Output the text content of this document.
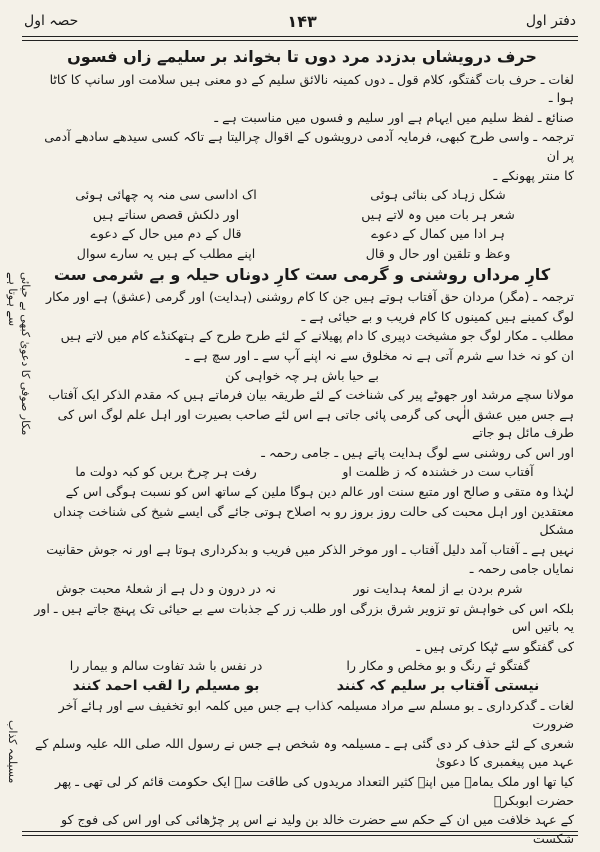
دفتر اول
۱۴۳
حصہ اول
حرف درویشاں بدزدد مرد دوں تا بخواند بر سلیمے زاں فسوں

لغات ـ حرف بات گفتگو، کلام قول ـ دوں کمینہ نالائق سلیم کے دو معنی ہیں سلامت اور سانپ کا کاٹا ہوا ـ

صنائع ـ لفظ سلیم میں ایہام ہے اور سلیم و فسوں میں مناسبت ہے ـ

ترجمہ ـ واسی طرح کبھی، فرمایہ آدمی درویشوں کے اقوال چرالیتا ہے تاکہ کسی سیدھے سادھے آدمی پر ان

کا منتر پھونکے ـ

شکل زہاد کی بنائی ہوئی
اک اداسی سی منہ پہ چھائی ہوئی
شعر ہر بات میں وہ لاتے ہیں
اور دلکش قصص سناتے ہیں
ہر ادا میں کمال کے دعوے
قال کے دم میں حال کے دعوے
وعظ و تلقین اور حال و قال
اپنے مطلب کے ہیں یہ سارے سوال
کارِ مرداں روشنی و گرمی ست کارِ دوناں حیلہ و بے شرمی ست

ترجمہ ـ (مگر) مردان حق آفتاب ہوتے ہیں جن کا کام روشنی (ہدایت) اور گرمی (عشق) ہے اور مکار

لوگ کمینے ہیں کمینوں کا کام فریب و بے حیائی ہے ـ

مطلب ـ مکار لوگ جو مشیخت دپیری کا دام پھیلانے کے لئے طرح طرح کے ہتھکنڈے کام میں لاتے ہیں

ان کو نہ خدا سے شرم آتی ہے نہ مخلوق سے نہ اپنے آپ سے ـ اور سچ ہے ـ

بے حیا باش ہر چہ خواہی کن

مولانا سچے مرشد اور جھوٹے پیر کی شناخت کے لئے طریقہ بیان فرماتے ہیں کہ مقدم الذکر ایک آفتاب

ہے جس میں عشق الٰہی کی گرمی پائی جاتی ہے اس لئے صاحب بصیرت اور اہل علم لوگ اس کی طرف مائل ہو جاتے

اور اس کی روشنی سے لوگ ہدایت پاتے ہیں ـ جامی رحمہ ـ

آفتاب ست در خشندہ کہ ز ظلمت او
رفت ہر چرخ بریں کو کبہ دولت ما

لہٰذا وہ متقی و صالح اور متبع سنت اور عالم دین ہوگا ملین کے ساتھ اس کو نسبت ہوگی اس کے

معتقدین اور اہل محبت کی حالت روز بروز رو بہ اصلاح ہوتی جائے گی ایسے شیخ کی شناخت چنداں مشکل

نہیں ہے ـ آفتاب آمد دلیل آفتاب ـ اور موخر الذکر میں فریب و بدکرداری ہوتا ہے اور نہ جوش حقانیت

نمایاں جامی رحمہ ـ

شرم بردن بے از لمعۂ ہدایت نور
نہ در درون و دل ہے از شعلۂ محبت جوش

بلکہ اس کی خواہش تو تزویر شرق بزرگی اور طلب زر کے جذبات سے بے حیائی تک پہنچ جاتے ہیں ـ اور یہ باتیں اس

کی گفتگو سے ٹپکا کرتی ہیں ـ

گفتگو ئے رنگ و بو مخلص و مکار را
در نفس با شد تفاوت سالم و بیمار را
نیستی آفتاب بر سلیم کہ کنند
بو مسیلم را لقب احمد کنند

لغات ـ گدکرداری ـ بو مسلم سے مراد مسیلمہ کذاب ہے جس میں کلمہ ابو تخفیف سے اور ہائے آخر ضرورت

شعری کے لئے حذف کر دی گئی ہے ـ مسیلمہ وہ شخص ہے جس نے رسول اللہ صلی اللہ علیہ وسلم کے عہد میں پیغمبری کا دعویٰ

کیا تھا اور ملک یمامہ میں اپنے کثیر التعداد مریدوں کی طاقت سے ایک حکومت قائم کر لی تھی ـ پھر حضرت ابوبکرؓ

کے عہد خلافت میں ان کے حکم سے حضرت خالد بن ولید نے اس پر چڑھائی کی اور اس کی فوج کو شکست

مکار صوفی کا دعویٰ کبھی بے حیائی سے ہوتا ہے
مسیلمہ کذاب
